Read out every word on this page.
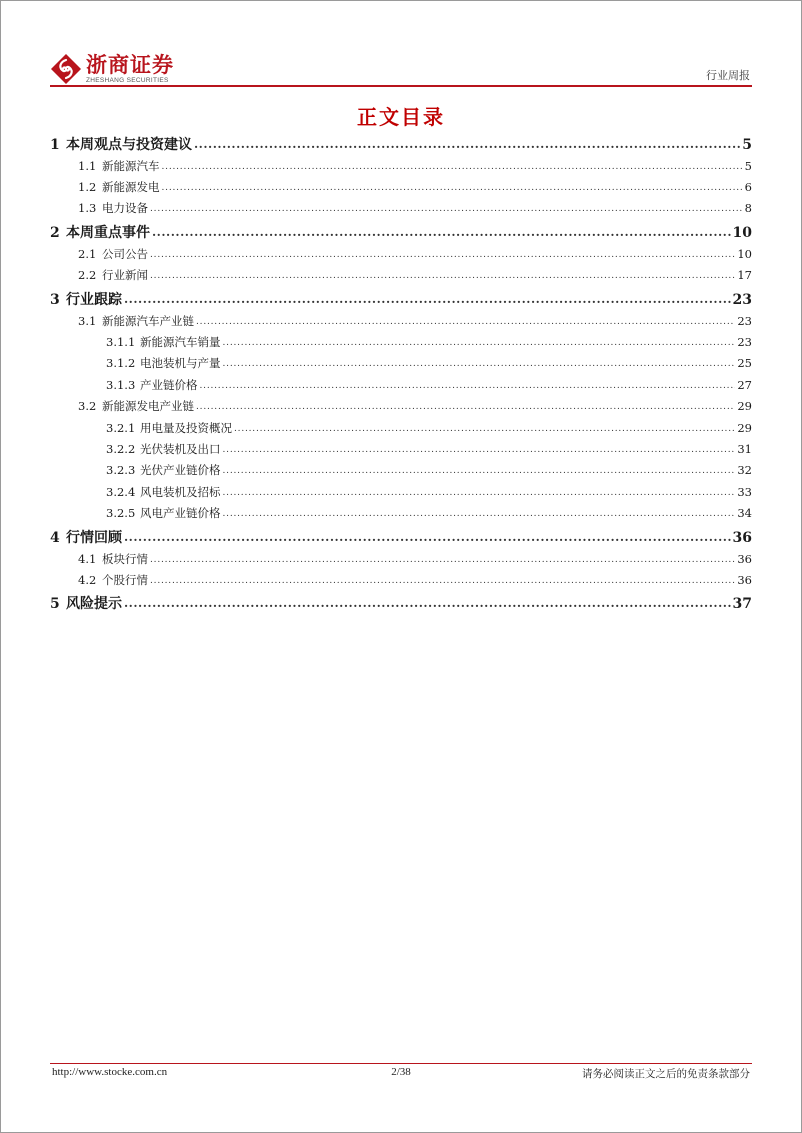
浙商证券
ZHESHANG SECURITIES	行业周报
正文目录
1 本周观点与投资建议 .....	5
1.1 新能源汽车 .....	5
1.2 新能源发电 .....	6
1.3 电力设备 .....	8
2 本周重点事件 .....	10
2.1 公司公告 .....	10
2.2 行业新闻 .....	17
3 行业跟踪 .....	23
3.1 新能源汽车产业链 .....	23
3.1.1 新能源汽车销量 .....	23
3.1.2 电池装机与产量 .....	25
3.1.3 产业链价格 .....	27
3.2 新能源发电产业链 .....	29
3.2.1 用电量及投资概况 .....	29
3.2.2 光伏装机及出口 .....	31
3.2.3 光伏产业链价格 .....	32
3.2.4 风电装机及招标 .....	33
3.2.5 风电产业链价格 .....	34
4 行情回顾 .....	36
4.1 板块行情 .....	36
4.2 个股行情 .....	36
5 风险提示 .....	37
http://www.stocke.com.cn	2/38	请务必阅读正文之后的免责条款部分
